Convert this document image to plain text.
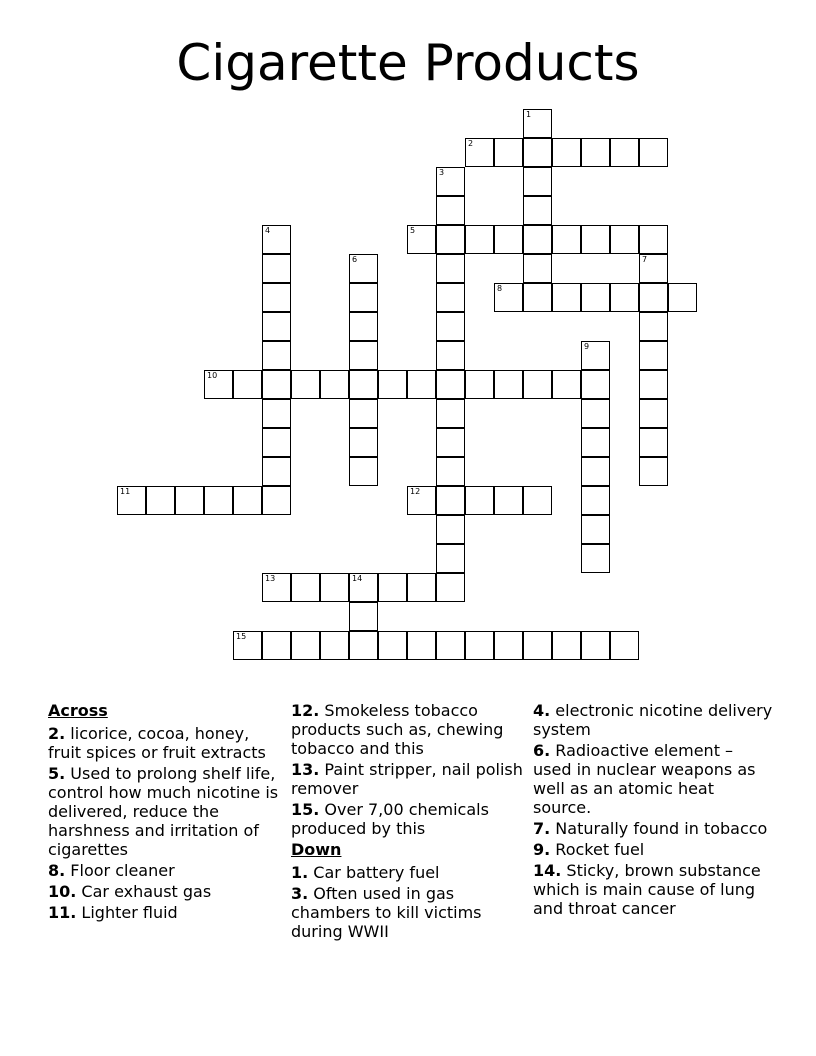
Cigarette Products
1
2
3
4	5
6	7
8
9
10
11	12
13	14
15
Across
2. licorice, cocoa, honey, fruit spices or fruit extracts
5. Used to prolong shelf life, control how much nicotine is delivered, reduce the harshness and irritation of cigarettes
8. Floor cleaner
10. Car exhaust gas
11. Lighter fluid
12. Smokeless tobacco products such as, chewing tobacco and this
13. Paint stripper, nail polish remover
15. Over 7,00 chemicals produced by this
Down
1. Car battery fuel
3. Often used in gas chambers to kill victims during WWII
4. electronic nicotine delivery system
6. Radioactive element – used in nuclear weapons as well as an atomic heat source.
7. Naturally found in tobacco
9. Rocket fuel
14. Sticky, brown substance which is main cause of lung and throat cancer
